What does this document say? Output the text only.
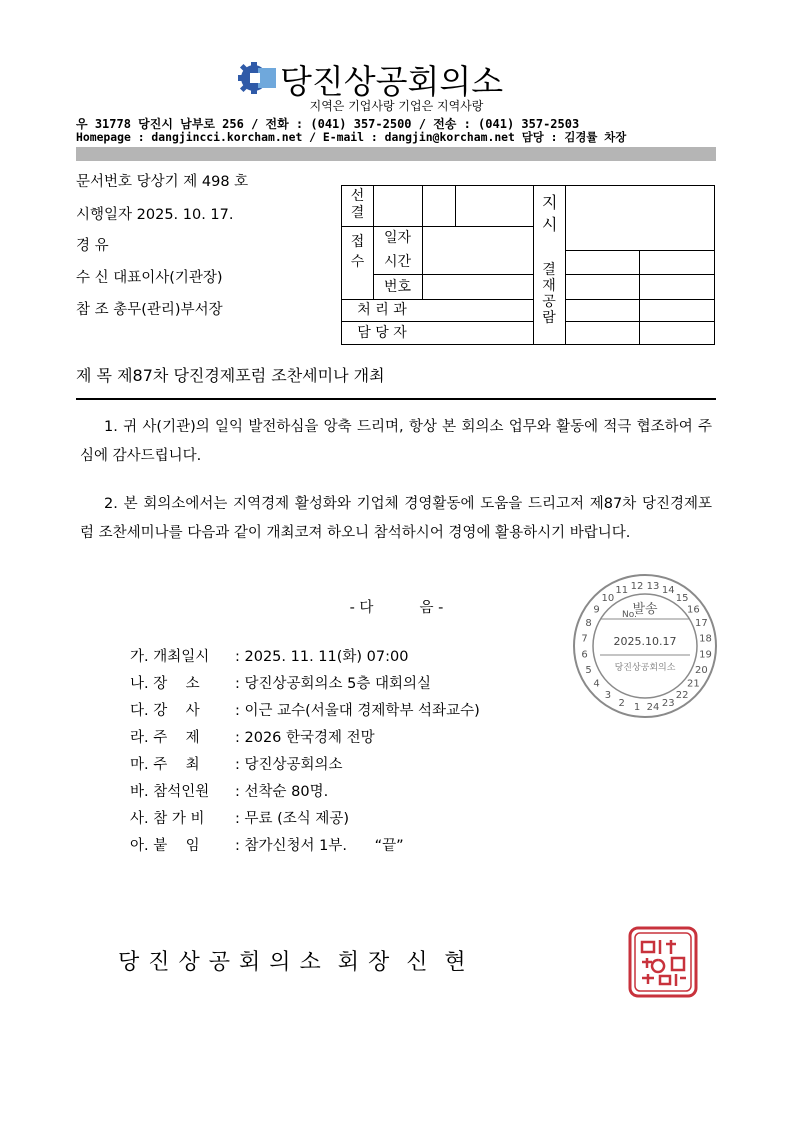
당진상공회의소
지역은 기업사랑 기업은 지역사랑
우 31778 당진시 남부로 256 / 전화 : (041) 357-2500 / 전송 : (041) 357-2503
Homepage : dangjincci.korcham.net / E-mail : dangjin@korcham.net 담당 : 김경률 차장
문서번호 당상기 제 498 호
시행일자 2025. 10. 17.
경 유
수 신 대표이사(기관장)
참 조 총무(관리)부서장
선결
접수
일자
시간
번호
처 리 과
담 당 자
지시
결재공람
제 목 제87차 당진경제포럼 조찬세미나 개최
1. 귀 사(기관)의 일익 발전하심을 앙축 드리며, 항상 본 회의소 업무와 활동에 적극 협조하여 주심에 감사드립니다.
2. 본 회의소에서는 지역경제 활성화와 기업체 경영활동에 도움을 드리고저 제87차 당진경제포럼 조찬세미나를 다음과 같이 개최코져 하오니 참석하시어 경영에 활용하시기 바랍니다.
- 다          음 -
가. 개최일시 : 2025. 11. 11(화) 07:00
나. 장    소 : 당진상공회의소 5층 대회의실
다. 강    사 : 이근 교수(서울대 경제학부 석좌교수)
라. 주    제 : 2026 한국경제 전망
마. 주    최 : 당진상공회의소
바. 참석인원 : 선착순 80명.
사. 참 가 비 : 무료 (조식 제공)
아. 붙    임 : 참가신청서 1부.      “끝”
1
2
3
4
5
6
7
8
9
10
11 12 13 14
15
16
17
18
19
20
21
22
23
24
No.
발송
2025.10.17
당진상공회의소
당 진 상 공 회 의 소  회 장  신  현
